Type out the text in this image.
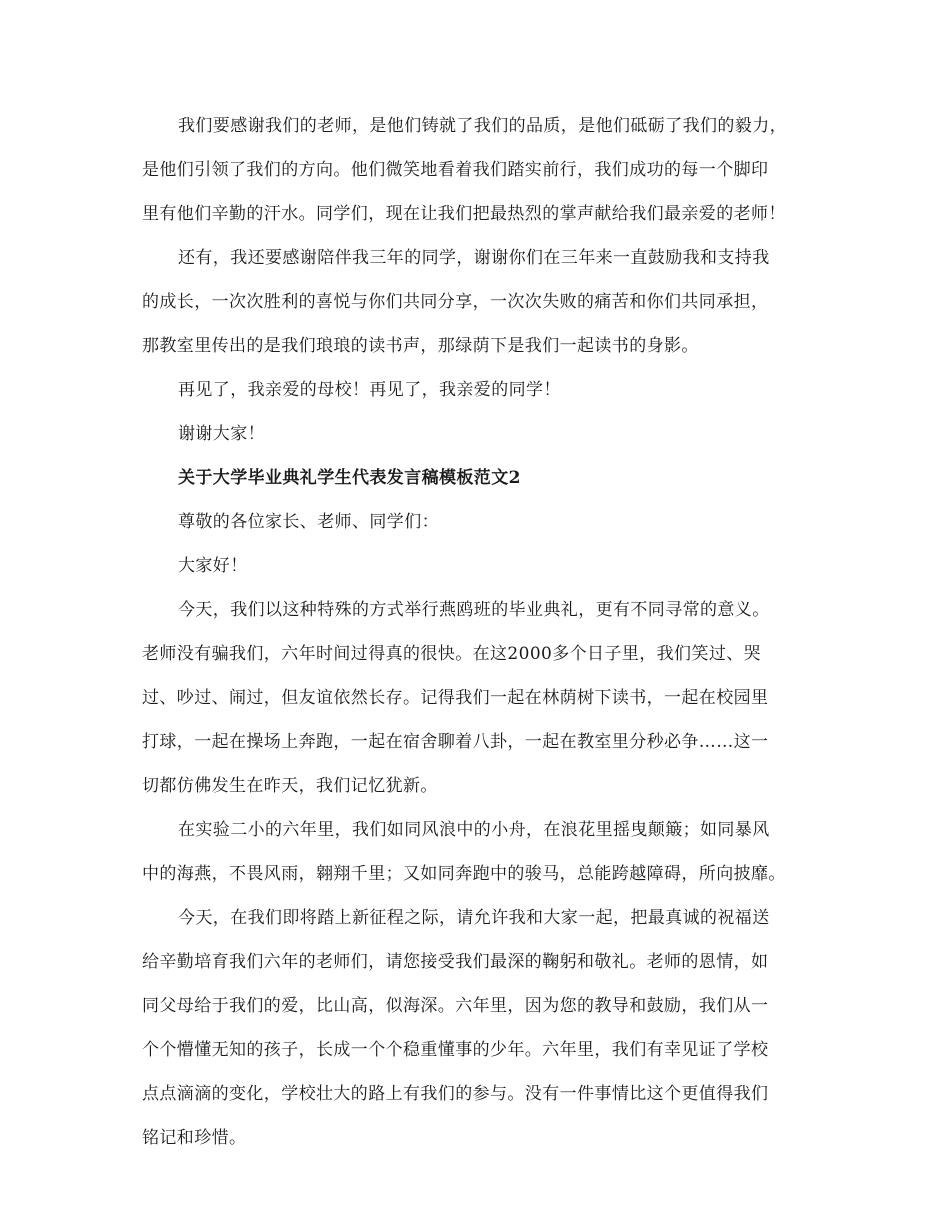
我们要感谢我们的老师，是他们铸就了我们的品质，是他们砥砺了我们的毅力，
是他们引领了我们的方向。他们微笑地看着我们踏实前行，我们成功的每一个脚印
里有他们辛勤的汗水。同学们，现在让我们把最热烈的掌声献给我们最亲爱的老师！
还有，我还要感谢陪伴我三年的同学，谢谢你们在三年来一直鼓励我和支持我
的成长，一次次胜利的喜悦与你们共同分享，一次次失败的痛苦和你们共同承担，
那教室里传出的是我们琅琅的读书声，那绿荫下是我们一起读书的身影。
再见了，我亲爱的母校！再见了，我亲爱的同学！
谢谢大家！
关于大学毕业典礼学生代表发言稿模板范文2
尊敬的各位家长、老师、同学们：
大家好！
今天，我们以这种特殊的方式举行燕鸥班的毕业典礼，更有不同寻常的意义。
老师没有骗我们，六年时间过得真的很快。在这2000多个日子里，我们笑过、哭
过、吵过、闹过，但友谊依然长存。记得我们一起在林荫树下读书，一起在校园里
打球，一起在操场上奔跑，一起在宿舍聊着八卦，一起在教室里分秒必争……这一
切都仿佛发生在昨天，我们记忆犹新。
在实验二小的六年里，我们如同风浪中的小舟，在浪花里摇曳颠簸；如同暴风
中的海燕，不畏风雨，翱翔千里；又如同奔跑中的骏马，总能跨越障碍，所向披靡。
今天，在我们即将踏上新征程之际，请允许我和大家一起，把最真诚的祝福送
给辛勤培育我们六年的老师们，请您接受我们最深的鞠躬和敬礼。老师的恩情，如
同父母给于我们的爱，比山高，似海深。六年里，因为您的教导和鼓励，我们从一
个个懵懂无知的孩子，长成一个个稳重懂事的少年。六年里，我们有幸见证了学校
点点滴滴的变化，学校壮大的路上有我们的参与。没有一件事情比这个更值得我们
铭记和珍惜。
